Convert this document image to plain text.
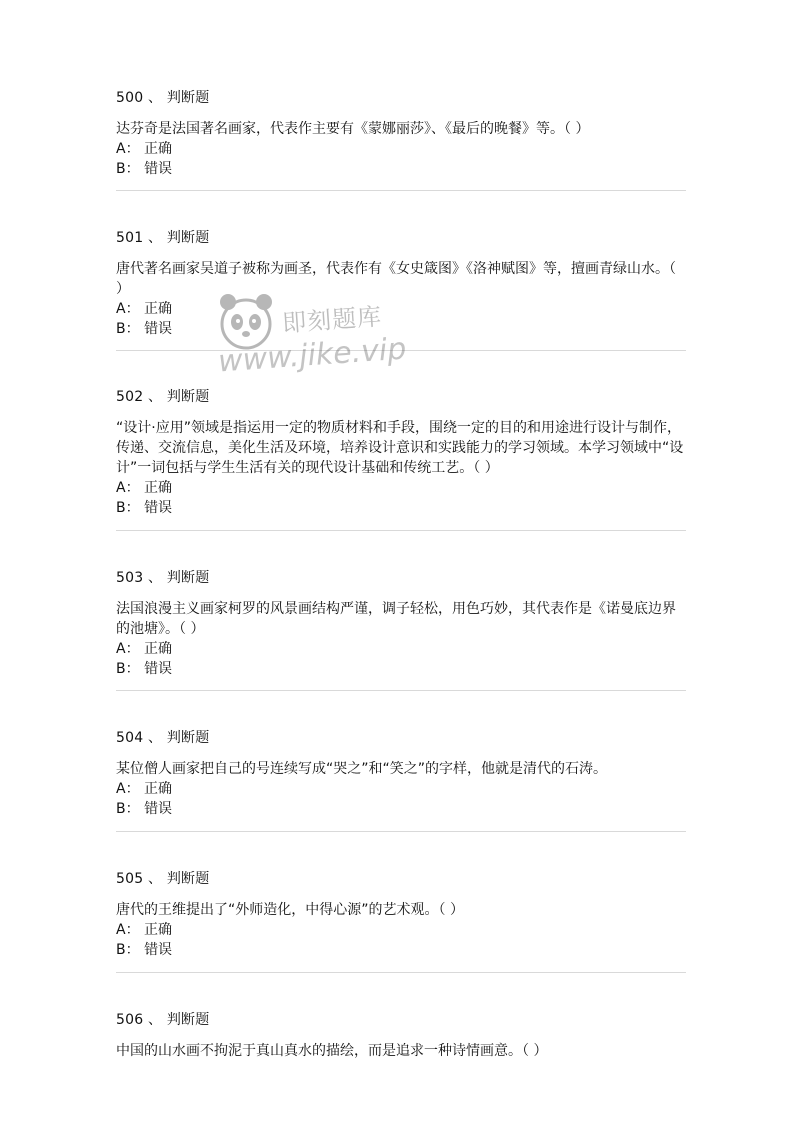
500 、 判断题
达芬奇是法国著名画家，代表作主要有《蒙娜丽莎》、《最后的晚餐》等。（ ）
A： 正确
B： 错误
501 、 判断题
唐代著名画家吴道子被称为画圣，代表作有《女史箴图》《洛神赋图》等，擅画青绿山水。（ ）
A： 正确
B： 错误
502 、 判断题
“设计·应用”领域是指运用一定的物质材料和手段，围绕一定的目的和用途进行设计与制作，传递、交流信息，美化生活及环境，培养设计意识和实践能力的学习领域。本学习领域中“设计”一词包括与学生生活有关的现代设计基础和传统工艺。（ ）
A： 正确
B： 错误
503 、 判断题
法国浪漫主义画家柯罗的风景画结构严谨，调子轻松，用色巧妙，其代表作是《诺曼底边界的池塘》。（ ）
A： 正确
B： 错误
504 、 判断题
某位僧人画家把自己的号连续写成“哭之”和“笑之”的字样，他就是清代的石涛。
A： 正确
B： 错误
505 、 判断题
唐代的王维提出了“外师造化，中得心源”的艺术观。（ ）
A： 正确
B： 错误
506 、 判断题
中国的山水画不拘泥于真山真水的描绘，而是追求一种诗情画意。（ ）
即刻题库
www.jike.vip
